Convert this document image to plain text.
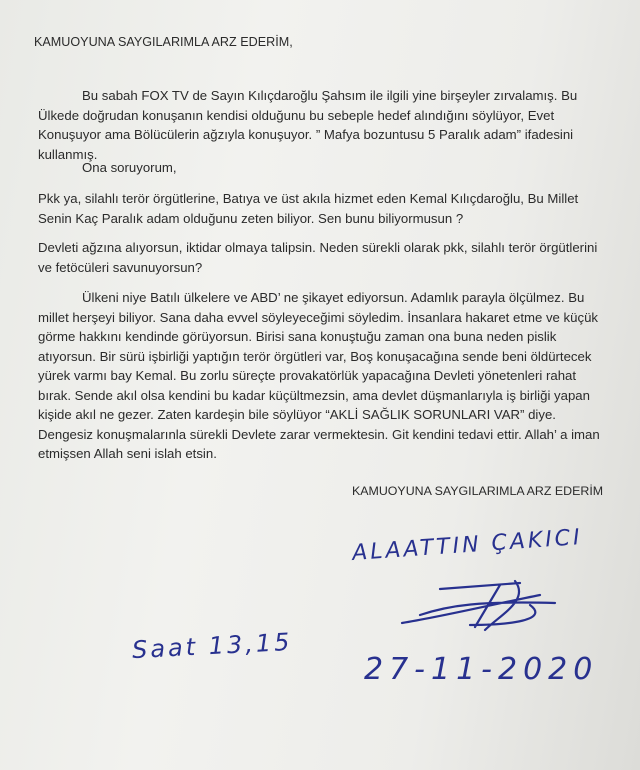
KAMUOYUNA SAYGILARIMLA ARZ EDERİM,

Bu sabah FOX TV de Sayın Kılıçdaroğlu Şahsım ile ilgili yine birşeyler zırvalamış. Bu Ülkede doğrudan konuşanın kendisi olduğunu bu sebeple hedef alındığını söylüyor, Evet Konuşuyor ama Bölücülerin ağzıyla konuşuyor. ” Mafya bozuntusu 5 Paralık adam” ifadesini kullanmış.

Ona soruyorum,

Pkk ya, silahlı terör örgütlerine, Batıya ve üst akıla hizmet eden Kemal Kılıçdaroğlu, Bu Millet Senin Kaç Paralık adam olduğunu zeten biliyor. Sen bunu biliyormusun ?

Devleti ağzına alıyorsun, iktidar olmaya talipsin. Neden sürekli olarak pkk, silahlı terör örgütlerini ve fetöcüleri savunuyorsun?

Ülkeni niye Batılı ülkelere ve ABD’ ne şikayet ediyorsun. Adamlık parayla ölçülmez. Bu millet herşeyi biliyor. Sana daha evvel söyleyeceğimi söyledim. İnsanlara hakaret etme ve küçük görme hakkını kendinde görüyorsun. Birisi sana konuştuğu zaman ona buna neden pislik atıyorsun. Bir sürü işbirliği yaptığın terör örgütleri var, Boş konuşacağına sende beni öldürtecek yürek varmı bay Kemal. Bu zorlu süreçte provakatörlük yapacağına Devleti yönetenleri rahat bırak. Sende akıl olsa kendini bu kadar küçültmezsin, ama devlet düşmanlarıyla iş birliği yapan kişide akıl ne gezer. Zaten kardeşin bile söylüyor “AKLİ SAĞLIK SORUNLARI VAR” diye. Dengesiz konuşmalarınla sürekli Devlete zarar vermektesin. Git kendini tedavi ettir. Allah’ a iman etmişsen Allah seni islah etsin.

KAMUOYUNA SAYGILARIMLA ARZ EDERİM

ALAATTIN ÇAKICI
Saat 13,15
27-11-2020
